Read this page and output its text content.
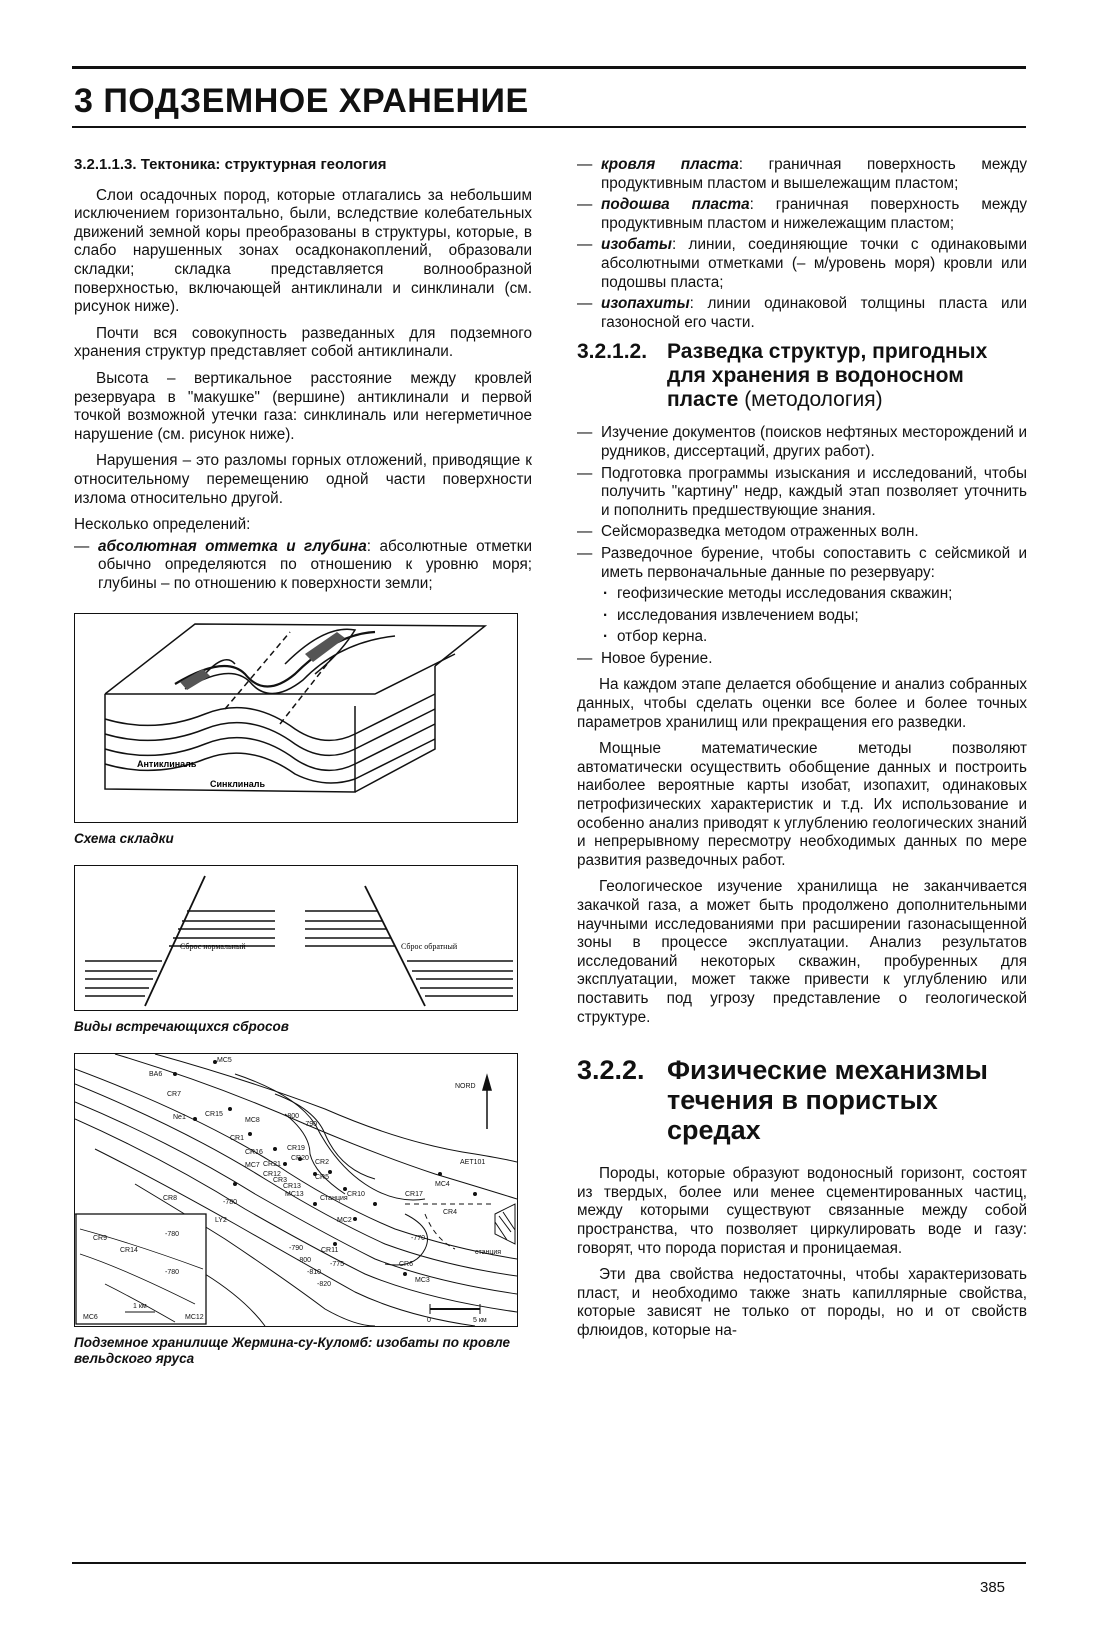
3 ПОДЗЕМНОЕ ХРАНЕНИЕ
3.2.1.1.3. Тектоника: структурная геология

Слои осадочных пород, которые отлагались за небольшим исключением горизонтально, были, вследствие колебательных движений земной коры преобразованы в структуры, которые, в слабо нарушенных зонах осадконакоплений, образовали складки; складка представляется волнообразной поверхностью, включающей антиклинали и синклинали (см. рисунок ниже).

Почти вся совокупность разведанных для подземного хранения структур представляет собой антиклинали.

Высота – вертикальное расстояние между кровлей резервуара в "макушке" (вершине) антиклинали и первой точкой возможной утечки газа: синклиналь или негерметичное нарушение (см. рисунок ниже).

Нарушения – это разломы горных отложений, приводящие к относительному перемещению одной части поверхности излома относительно другой.

Несколько определений:

— абсолютная отметка и глубина: абсолютные отметки обычно определяются по отношению к уровню моря; глубины – по отношению к поверхности земли;
Антиклиналь
Синклиналь
Схема складки
Сброс нормальный	Сброс обратный
Виды встречающихся сбросов
MC5
BA6
CR7
Ne1	CR15
MC8
CR1
CR16
CR19
CR20
CR12
MC7
CR13
CR21	CR2
CR3	CR5
MC13
CR8
CR10	CR17
CR4
MC2
CR11
LY2
CR6
AET101
MC4
CR9
MC6
CR14
MC12
MC3
-800
-790
-780
-770
-775
-780
-790
-800
-810
-820
-780
Станция
станция
NORD
0	5 км
1 км
Подземное хранилище Жермина-су-Куломб: изобаты по кровле вельдского яруса
— кровля пласта: граничная поверхность между продуктивным пластом и вышележащим пластом;
— подошва пласта: граничная поверхность между продуктивным пластом и нижележащим пластом;
— изобаты: линии, соединяющие точки с одинаковыми абсолютными отметками (– м/уровень моря) кровли или подошвы пласта;
— изопахиты: линии одинаковой толщины пласта или газоносной его части.
3.2.1.2. Разведка структур, пригодных для хранения в водоносном пласте (методология)
— Изучение документов (поисков нефтяных месторождений и рудников, диссертаций, других работ).
— Подготовка программы изыскания и исследований, чтобы получить "картину" недр, каждый этап позволяет уточнить и пополнить предшествующие знания.
— Сейсморазведка методом отраженных волн.
— Разведочное бурение, чтобы сопоставить с сейсмикой и иметь первоначальные данные по резервуару:
· геофизические методы исследования скважин;
· исследования извлечением воды;
· отбор керна.
— Новое бурение.

На каждом этапе делается обобщение и анализ собранных данных, чтобы сделать оценки все более и более точных параметров хранилищ или прекращения его разведки.

Мощные математические методы позволяют автоматически осуществить обобщение данных и построить наиболее вероятные карты изобат, изопахит, одинаковых петрофизических характеристик и т.д. Их использование и особенно анализ приводят к углублению геологических знаний и непрерывному пересмотру необходимых данных по мере развития разведочных работ.

Геологическое изучение хранилища не заканчивается закачкой газа, а может быть продолжено дополнительными научными исследованиями при расширении газонасыщенной зоны в процессе эксплуатации. Анализ результатов исследований некоторых скважин, пробуренных для эксплуатации, может также привести к углублению или поставить под угрозу представление о геологической структуре.

3.2.2. Физические механизмы течения в пористых средах

Породы, которые образуют водоносный горизонт, состоят из твердых, более или менее сцементированных частиц, между которыми существуют связанные между собой пространства, что позволяет циркулировать воде и газу: говорят, что порода пористая и проницаемая.

Эти два свойства недостаточны, чтобы характеризовать пласт, и необходимо также знать капиллярные свойства, которые зависят не только от породы, но и от свойств флюидов, которые на-

385
